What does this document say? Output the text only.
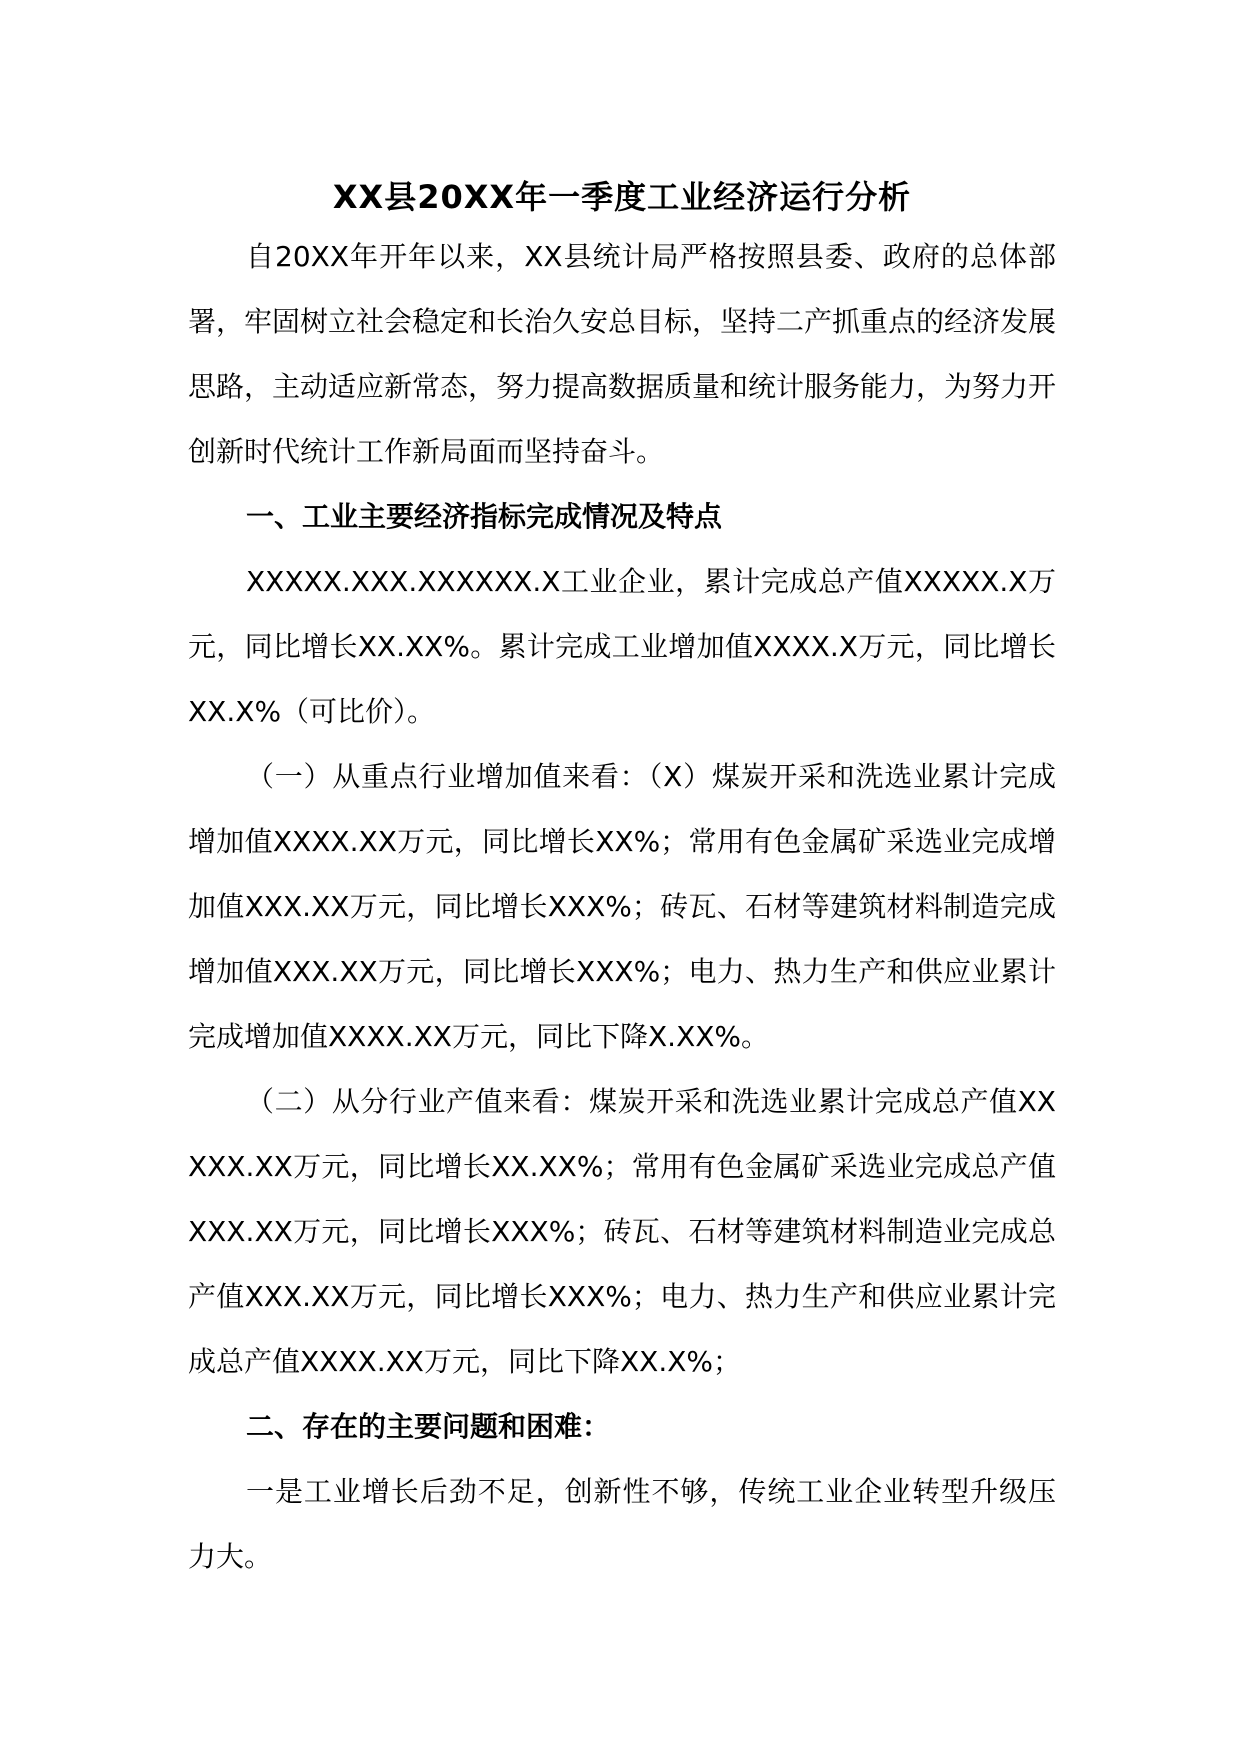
XX县20XX年一季度工业经济运行分析

自20XX年开年以来，XX县统计局严格按照县委、政府的总体部署，牢固树立社会稳定和长治久安总目标，坚持二产抓重点的经济发展思路，主动适应新常态，努力提高数据质量和统计服务能力，为努力开创新时代统计工作新局面而坚持奋斗。

一、工业主要经济指标完成情况及特点

XXXXX.XXX.XXXXXX.X工业企业，累计完成总产值XXXXX.X万元，同比增长XX.XX%。累计完成工业增加值XXXX.X万元，同比增长XX.X%（可比价）。

（一）从重点行业增加值来看：（X）煤炭开采和洗选业累计完成增加值XXXX.XX万元，同比增长XX%；常用有色金属矿采选业完成增加值XXX.XX万元，同比增长XXX%；砖瓦、石材等建筑材料制造完成增加值XXX.XX万元，同比增长XXX%；电力、热力生产和供应业累计完成增加值XXXX.XX万元，同比下降X.XX%。

（二）从分行业产值来看：煤炭开采和洗选业累计完成总产值XXXXX.XX万元，同比增长XX.XX%；常用有色金属矿采选业完成总产值XXX.XX万元，同比增长XXX%；砖瓦、石材等建筑材料制造业完成总产值XXX.XX万元，同比增长XXX%；电力、热力生产和供应业累计完成总产值XXXX.XX万元，同比下降XX.X%；

二、存在的主要问题和困难：

一是工业增长后劲不足，创新性不够，传统工业企业转型升级压力大。
